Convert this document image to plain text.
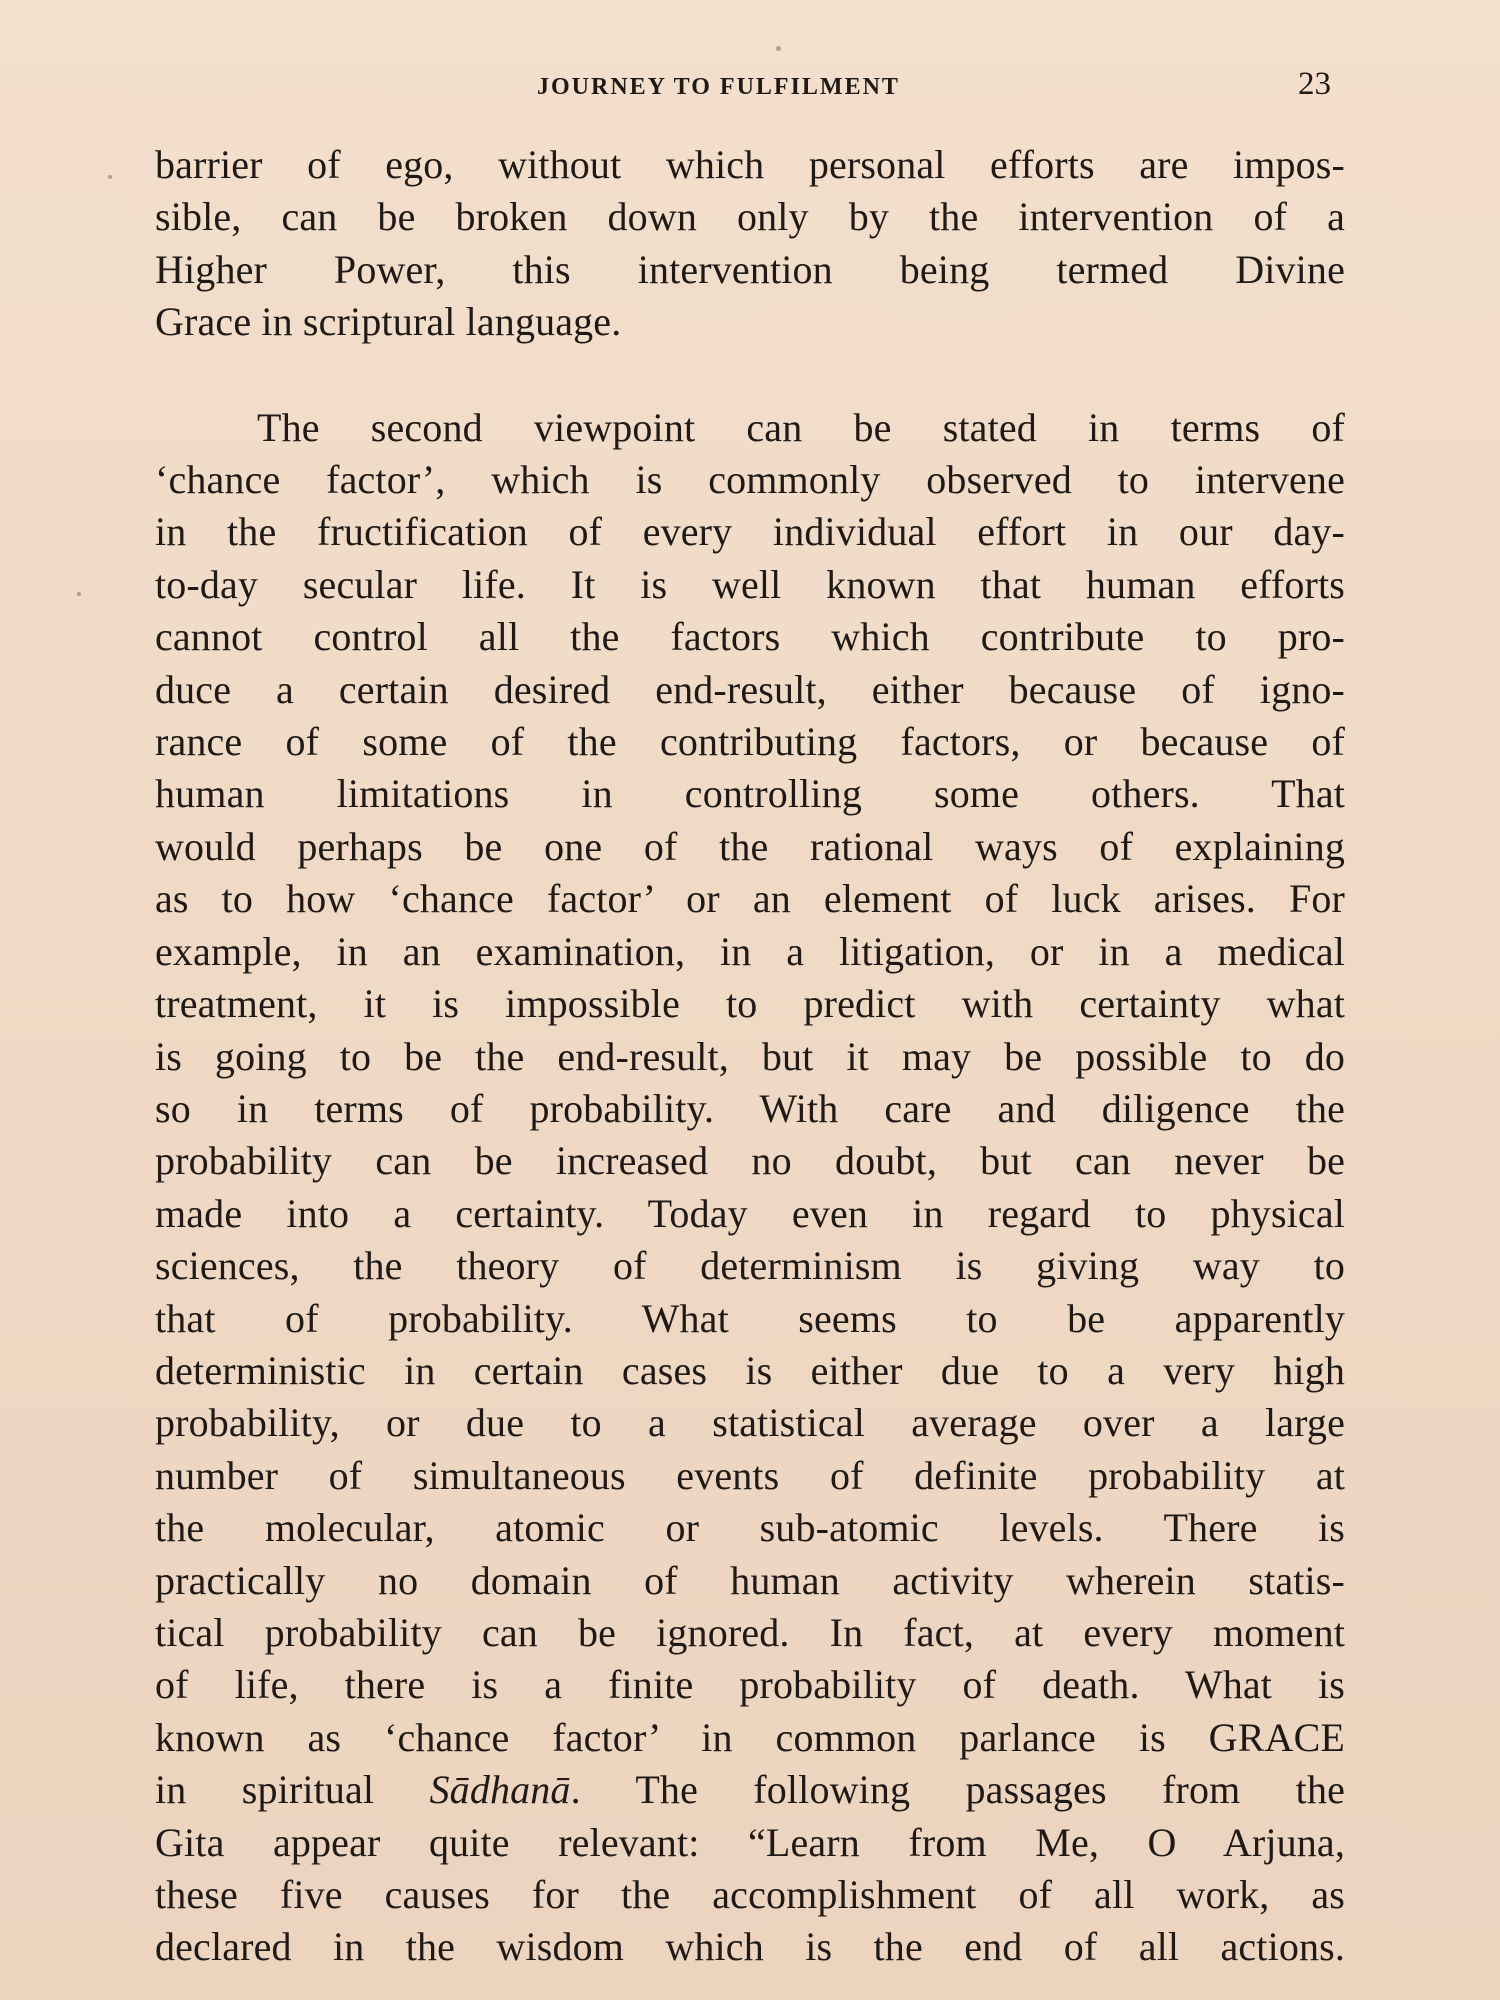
JOURNEY TO FULFILMENT	23

barrier of ego, without which personal efforts are impos-
sible, can be broken down only by the intervention of a
Higher Power, this intervention being termed Divine
Grace in scriptural language.

The second viewpoint can be stated in terms of
‘chance factor’, which is commonly observed to intervene
in the fructification of every individual effort in our day-
to-day secular life. It is well known that human efforts
cannot control all the factors which contribute to pro-
duce a certain desired end-result, either because of igno-
rance of some of the contributing factors, or because of
human limitations in controlling some others. That
would perhaps be one of the rational ways of explaining
as to how ‘chance factor’ or an element of luck arises. For
example, in an examination, in a litigation, or in a medical
treatment, it is impossible to predict with certainty what
is going to be the end-result, but it may be possible to do
so in terms of probability. With care and diligence the
probability can be increased no doubt, but can never be
made into a certainty. Today even in regard to physical
sciences, the theory of determinism is giving way to
that of probability. What seems to be apparently
deterministic in certain cases is either due to a very high
probability, or due to a statistical average over a large
number of simultaneous events of definite probability at
the molecular, atomic or sub-atomic levels. There is
practically no domain of human activity wherein statis-
tical probability can be ignored. In fact, at every moment
of life, there is a finite probability of death. What is
known as ‘chance factor’ in common parlance is GRACE
in spiritual Sādhanā. The following passages from the
Gita appear quite relevant: “Learn from Me, O Arjuna,
these five causes for the accomplishment of all work, as
declared in the wisdom which is the end of all actions.
